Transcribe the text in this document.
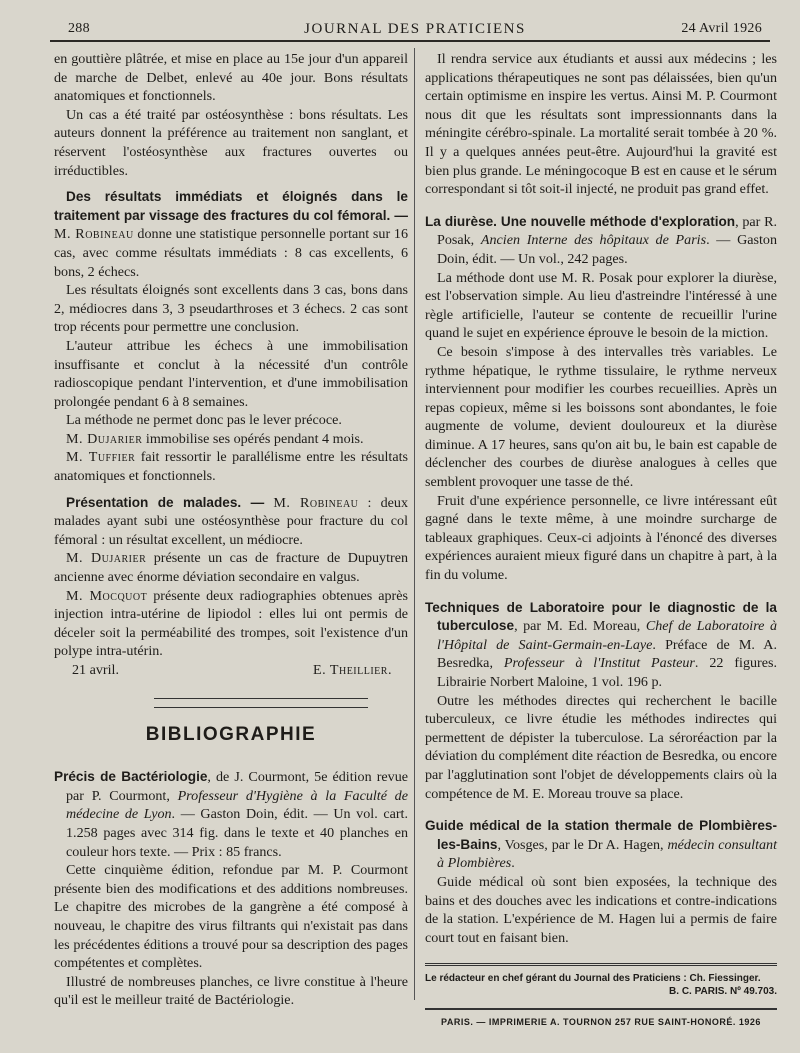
288	JOURNAL DES PRATICIENS	24 Avril 1926

en gouttière plâtrée, et mise en place au 15e jour d'un appareil de marche de Delbet, enlevé au 40e jour. Bons résultats anatomiques et fonctionnels.

Un cas a été traité par ostéosynthèse : bons résultats. Les auteurs donnent la préférence au traitement non sanglant, et réservent l'ostéosynthèse aux fractures ouvertes ou irréductibles.

Des résultats immédiats et éloignés dans le traitement par vissage des fractures du col fémoral. — M. Robineau donne une statistique personnelle portant sur 16 cas, avec comme résultats immédiats : 8 cas excellents, 6 bons, 2 échecs.

Les résultats éloignés sont excellents dans 3 cas, bons dans 2, médiocres dans 3, 3 pseudarthroses et 3 échecs. 2 cas sont trop récents pour permettre une conclusion.

L'auteur attribue les échecs à une immobilisation insuffisante et conclut à la nécessité d'un contrôle radioscopique pendant l'intervention, et d'une immobilisation prolongée pendant 6 à 8 semaines.

La méthode ne permet donc pas le lever précoce.

M. Dujarier immobilise ses opérés pendant 4 mois.

M. Tuffier fait ressortir le parallélisme entre les résultats anatomiques et fonctionnels.

Présentation de malades. — M. Robineau : deux malades ayant subi une ostéosynthèse pour fracture du col fémoral : un résultat excellent, un médiocre.

M. Dujarier présente un cas de fracture de Dupuytren ancienne avec énorme déviation secondaire en valgus.

M. Mocquot présente deux radiographies obtenues après injection intra-utérine de lipiodol : elles lui ont permis de déceler soit la perméabilité des trompes, soit l'existence d'un polype intra-utérin.

21 avril.	E. Theillier.

BIBLIOGRAPHIE

Précis de Bactériologie, de J. Courmont, 5e édition revue par P. Courmont, Professeur d'Hygiène à la Faculté de médecine de Lyon. — Gaston Doin, édit. — Un vol. cart. 1.258 pages avec 314 fig. dans le texte et 40 planches en couleur hors texte. — Prix : 85 francs.

Cette cinquième édition, refondue par M. P. Courmont présente bien des modifications et des additions nombreuses. Le chapitre des microbes de la gangrène a été composé à nouveau, le chapitre des virus filtrants qui n'existait pas dans les précédentes éditions a trouvé pour sa description des pages compétentes et complètes.

Illustré de nombreuses planches, ce livre constitue à l'heure qu'il est le meilleur traité de Bactériologie.

Il rendra service aux étudiants et aussi aux médecins ; les applications thérapeutiques ne sont pas délaissées, bien qu'un certain optimisme en inspire les vertus. Ainsi M. P. Courmont nous dit que les résultats sont impressionnants dans la méningite cérébro-spinale. La mortalité serait tombée à 20 %. Il y a quelques années peut-être. Aujourd'hui la gravité est bien plus grande. Le méningocoque B est en cause et le sérum correspondant si tôt soit-il injecté, ne produit pas grand effet.

La diurèse. Une nouvelle méthode d'exploration, par R. Posak, Ancien Interne des hôpitaux de Paris. — Gaston Doin, édit. — Un vol., 242 pages.

La méthode dont use M. R. Posak pour explorer la diurèse, est l'observation simple. Au lieu d'astreindre l'intéressé à une règle artificielle, l'auteur se contente de recueillir l'urine quand le sujet en expérience éprouve le besoin de la miction.

Ce besoin s'impose à des intervalles très variables. Le rythme hépatique, le rythme tissulaire, le rythme nerveux interviennent pour modifier les courbes recueillies. Après un repas copieux, même si les boissons sont abondantes, le foie augmente de volume, devient douloureux et la diurèse diminue. A 17 heures, sans qu'on ait bu, le bain est capable de déclencher des courbes de diurèse analogues à celles que semblent provoquer une tasse de thé.

Fruit d'une expérience personnelle, ce livre intéressant eût gagné dans le texte même, à une moindre surcharge de tableaux graphiques. Ceux-ci adjoints à l'énoncé des diverses expériences auraient mieux figuré dans un chapitre à part, à la fin du volume.

Techniques de Laboratoire pour le diagnostic de la tuberculose, par M. Ed. Moreau, Chef de Laboratoire à l'Hôpital de Saint-Germain-en-Laye. Préface de M. A. Besredka, Professeur à l'Institut Pasteur. 22 figures. Librairie Norbert Maloine, 1 vol. 196 p.

Outre les méthodes directes qui recherchent le bacille tuberculeux, ce livre étudie les méthodes indirectes qui permettent de dépister la tuberculose. La séroréaction par la déviation du complément dite réaction de Besredka, ou encore par l'agglutination sont l'objet de développements clairs où la compétence de M. E. Moreau trouve sa place.

Guide médical de la station thermale de Plombières-les-Bains, Vosges, par le Dr A. Hagen, médecin consultant à Plombières.

Guide médical où sont bien exposées, la technique des bains et des douches avec les indications et contre-indications de la station. L'expérience de M. Hagen lui a permis de faire court tout en faisant bien.

Le rédacteur en chef gérant du Journal des Praticiens : Ch. Fiessinger.
B. C. PARIS. Nº 49.703.
PARIS. — IMPRIMERIE A. TOURNON 257 RUE SAINT-HONORÉ. 1926
